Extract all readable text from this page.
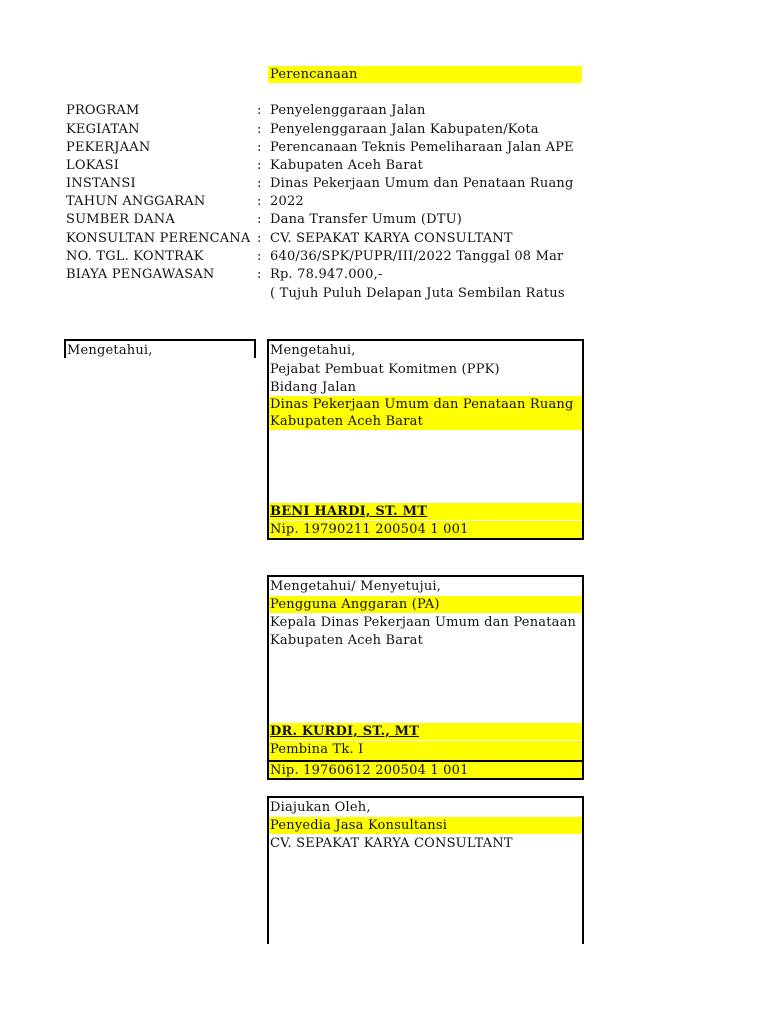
Perencanaan
PROGRAM	: Penyelenggaraan Jalan
KEGIATAN	: Penyelenggaraan Jalan Kabupaten/Kota
PEKERJAAN	: Perencanaan Teknis Pemeliharaan Jalan APE
LOKASI	: Kabupaten Aceh Barat
INSTANSI	: Dinas Pekerjaan Umum dan Penataan Ruang
TAHUN ANGGARAN	: 2022
SUMBER DANA	: Dana Transfer Umum (DTU)
KONSULTAN PERENCANA : CV. SEPAKAT KARYA CONSULTANT
NO. TGL. KONTRAK	: 640/36/SPK/PUPR/III/2022 Tanggal 08 Mar
BIAYA PENGAWASAN	: Rp. 78.947.000,-
( Tujuh Puluh Delapan Juta Sembilan Ratus
Mengetahui,	Mengetahui,
Pejabat Pembuat Komitmen (PPK)
Bidang Jalan
Dinas Pekerjaan Umum dan Penataan Ruang
Kabupaten Aceh Barat
BENI HARDI, ST. MT
Nip. 19790211 200504 1 001
Mengetahui/ Menyetujui,
Pengguna Anggaran (PA)
Kepala Dinas Pekerjaan Umum dan Penataan
Kabupaten Aceh Barat
DR. KURDI, ST., MT
Pembina Tk. I
Nip. 19760612 200504 1 001
Diajukan Oleh,
Penyedia Jasa Konsultansi
CV. SEPAKAT KARYA CONSULTANT
